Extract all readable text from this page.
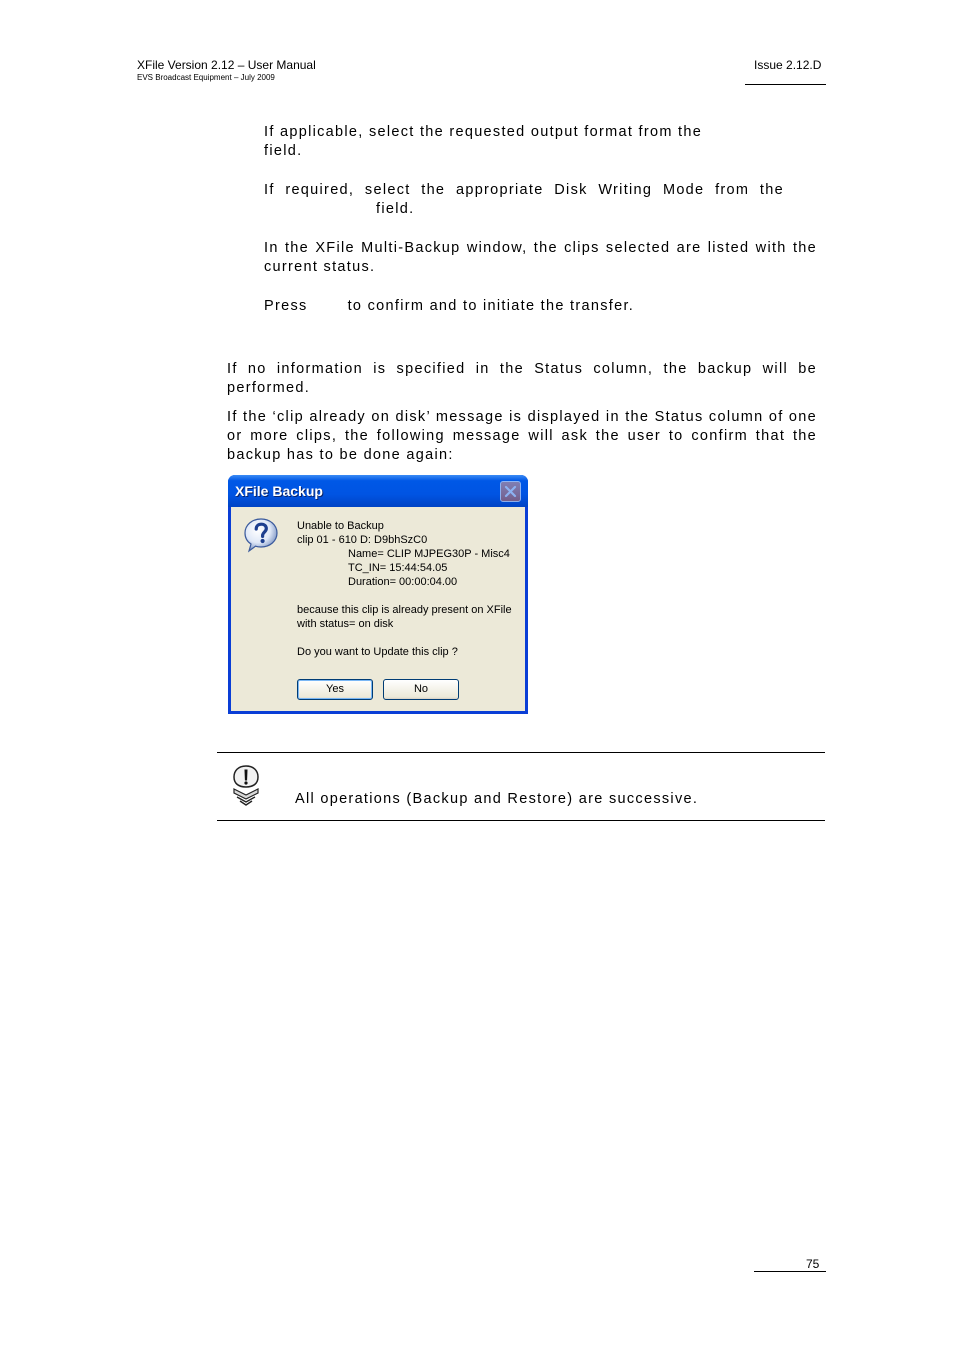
XFile Version 2.12 – User Manual
EVS Broadcast Equipment – July 2009
Issue 2.12.D
If applicable, select the requested output format from the
field.
If required, select the appropriate Disk Writing Mode from the
field.
In the XFile Multi-Backup window, the clips selected are listed with the
current status.
Press	to confirm and to initiate the transfer.
If no information is specified in the Status column, the backup will be
performed.
If the ‘clip already on disk’ message is displayed in the Status column of one
or more clips, the following message will ask the user to confirm that the
backup has to be done again:
XFile Backup
Unable to Backup
clip 01 - 610 D: D9bhSzC0
Name= CLIP MJPEG30P - Misc4
TC_IN= 15:44:54.05
Duration= 00:00:04.00
because this clip is already present on XFile
with status= on disk
Do you want to Update this clip ?
Yes	No
All operations (Backup and Restore) are successive.
75
